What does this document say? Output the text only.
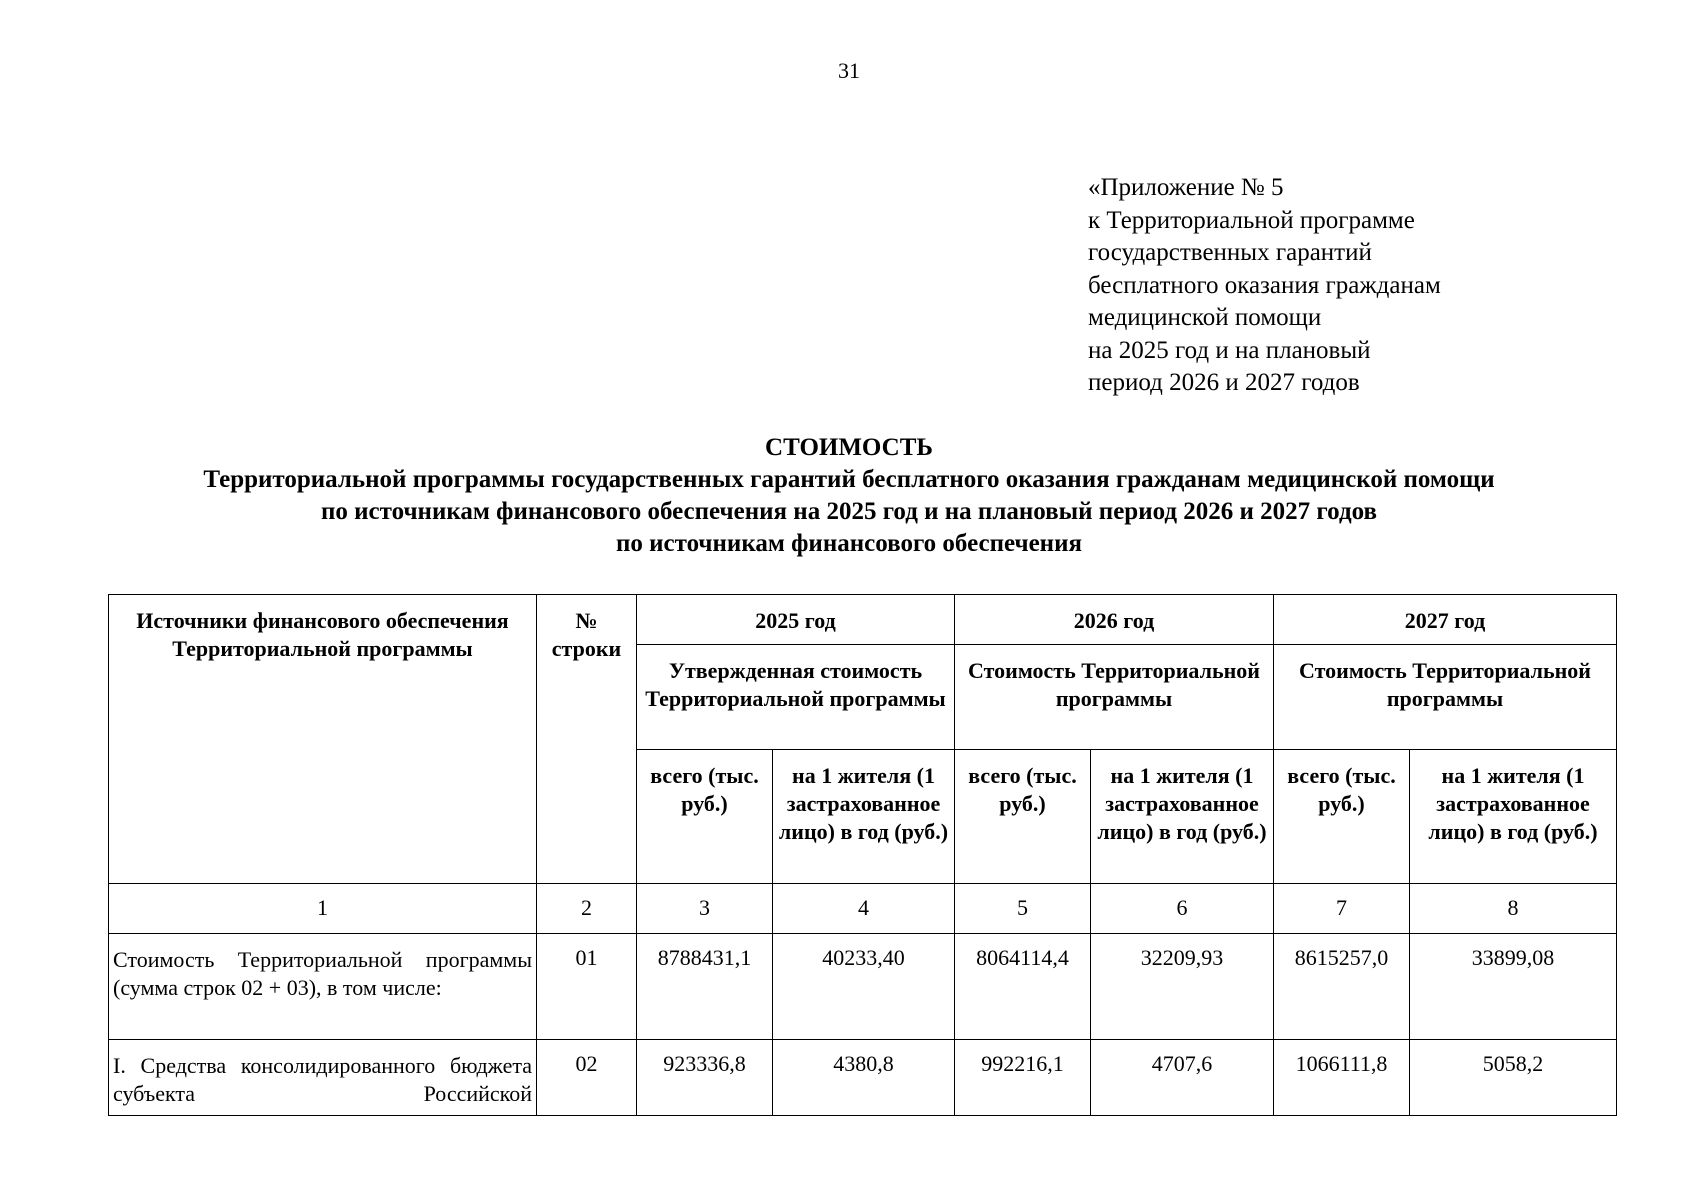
31
«Приложение № 5
к Территориальной программе
государственных гарантий
бесплатного оказания гражданам
медицинской помощи
на 2025 год и на плановый
период 2026 и 2027 годов
СТОИМОСТЬ
Территориальной программы государственных гарантий бесплатного оказания гражданам медицинской помощи
по источникам финансового обеспечения на 2025 год и на плановый период 2026 и 2027 годов
по источникам финансового обеспечения
Источники финансового обеспечения Территориальной программы	№ строки	2025 год		2026 год		2027 год	
		Утвержденная стоимость Территориальной программы		Стоимость Территориальной программы		Стоимость Территориальной программы	
		всего (тыс. руб.)	на 1 жителя (1 застрахованное лицо) в год (руб.)	всего (тыс. руб.)	на 1 жителя (1 застрахованное лицо) в год (руб.)	всего (тыс. руб.)	на 1 жителя (1 застрахованное лицо) в год (руб.)
1	2	3	4	5	6	7	8
Стоимость Территориальной программы (сумма строк 02 + 03), в том числе:	01	8788431,1	40233,40	8064114,4	32209,93	8615257,0	33899,08
I. Средства консолидированного бюджета субъекта Российской	02	923336,8	4380,8	992216,1	4707,6	1066111,8	5058,2
